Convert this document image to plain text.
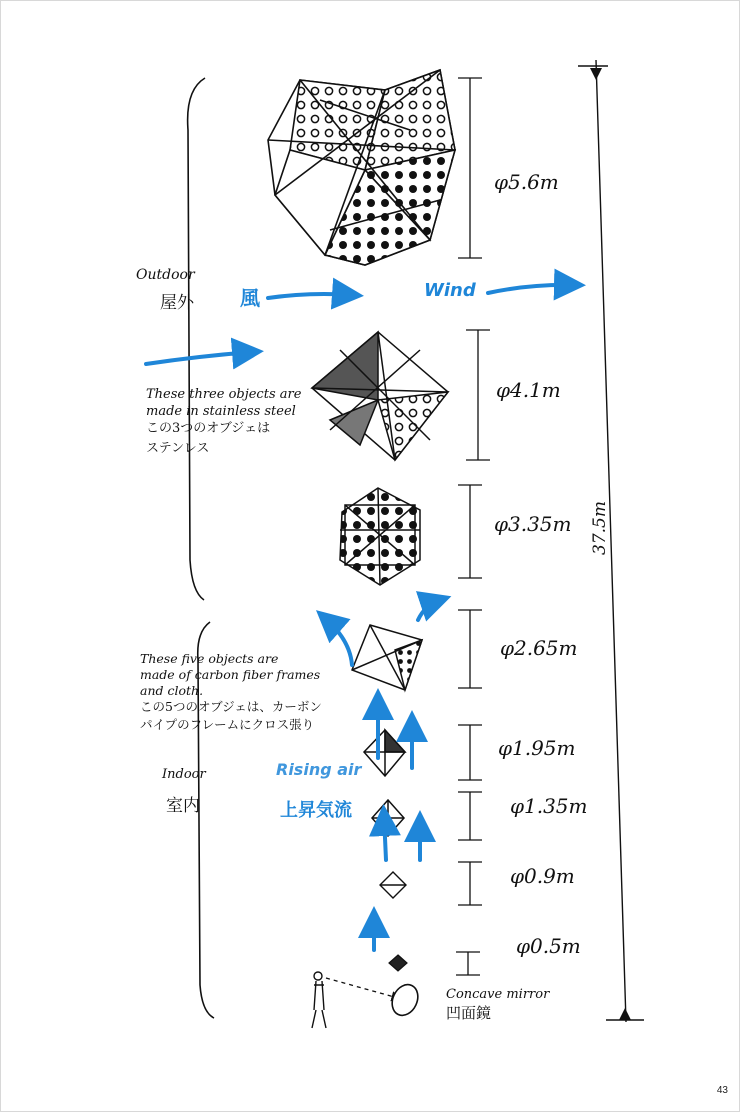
Outdoor
屋外 風	Wind
These three objects are
made in stainless steel
この3つのオブジェは
ステンレス
These five objects are
made of carbon fiber frames
and cloth.
この5つのオブジェは、カーボン
パイプのフレームにクロス張り
Indoor
室内
Rising air
上昇気流
Concave mirror
凹面鏡
φ5.6m
φ4.1m
φ3.35m
φ2.65m
φ1.95m
φ1.35m
φ0.9m
φ0.5m
37.5m
43
